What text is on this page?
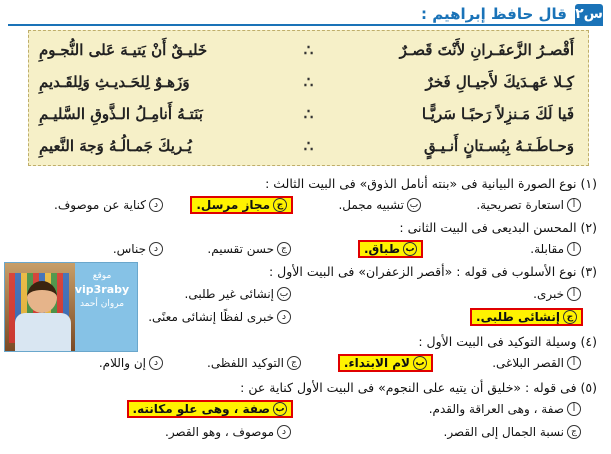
س٢
قال حافظ إبراهيم :
أَقْصـرُ الزَّعفَـرانِ لأَنْتَ قَصـرٌ
∴
خَليـقٌ أَنْ يَتيـهَ عَلى النُّجـومِ
كِـلا عَهـدَيكَ لأَجيـالِ فَخرٌ
∴
وَزَهـوٌ لِلحَـديـثِ وَلِلقَـديمِ
فَيا لَكَ مَـنزِلاً رَحبًـا سَريًّـا
∴
بَنَتـهُ أَنامِـلُ الـذَّوقِ السَّليـمِ
وَحـاطَـتـهُ بِبُسـتانٍ أَنـيـقٍ
∴
يُـريكَ جَمـالُـهُ وَجهَ النَّعيمِ
(١) نوع الصورة البيانية فى «بنته أنامل الذوق» فى البيت الثالث :
أ
استعارة تصريحية.
ب
تشبيه مجمل.
ج
مجاز مرسل.
د
كناية عن موصوف.
(٢) المحسن البديعى فى البيت الثانى :
أ
مقابلة.
ب
طباق.
ج
حسن تقسيم.
د
جناس.
(٣) نوع الأسلوب فى قوله : «أقصر الزعفران» فى البيت الأول :
أ
خبرى.
ب
إنشائى غير طلبى.
ج
إنشائى طلبى.
د
خبرى لفظًا إنشائى معنًى.
(٤) وسيلة التوكيد فى البيت الأول :
أ
القصر البلاغى.
ب
لام الابتداء.
ج
التوكيد اللفظى.
د
إن واللام.
(٥) فى قوله : «خليق أن يتيه على النجوم» فى البيت الأول كناية عن :
أ
صفة ، وهى العراقة والقدم.
ب
صفة ، وهى علو مكانته.
ج
نسبة الجمال إلى القصر.
د
موصوف ، وهو القصر.
موقع
vip3raby
مروان أحمد
